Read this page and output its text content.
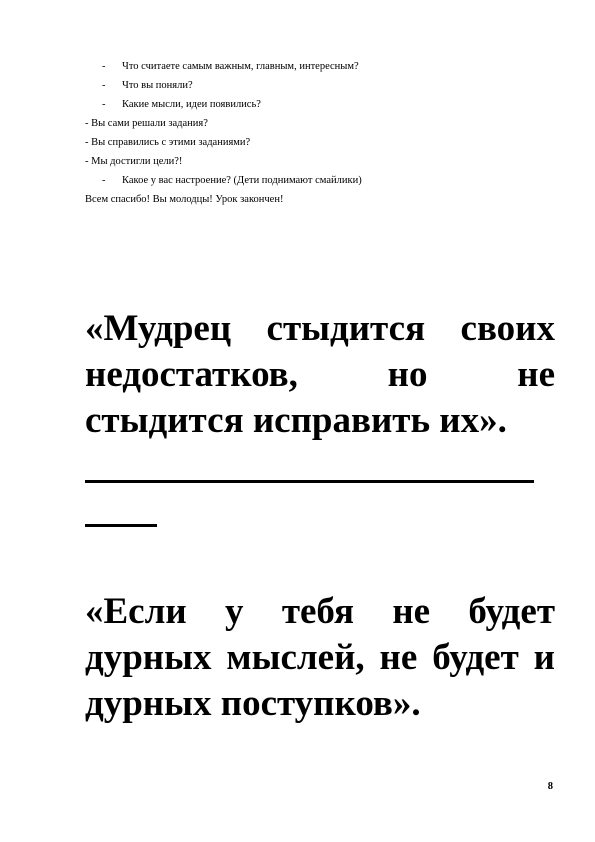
- Что считаете самым важным, главным, интересным?
- Что вы поняли?
- Какие мысли, идеи появились?
- Вы сами решали задания?
- Вы справились с этими заданиями?
- Мы достигли цели?!
- Какое у вас настроение? (Дети поднимают смайлики)
Всем спасибо! Вы молодцы! Урок закончен!
«Мудрец стыдится своих недостатков, но не стыдится исправить их».
«Если у тебя не будет дурных мыслей, не будет и дурных поступков».
8
